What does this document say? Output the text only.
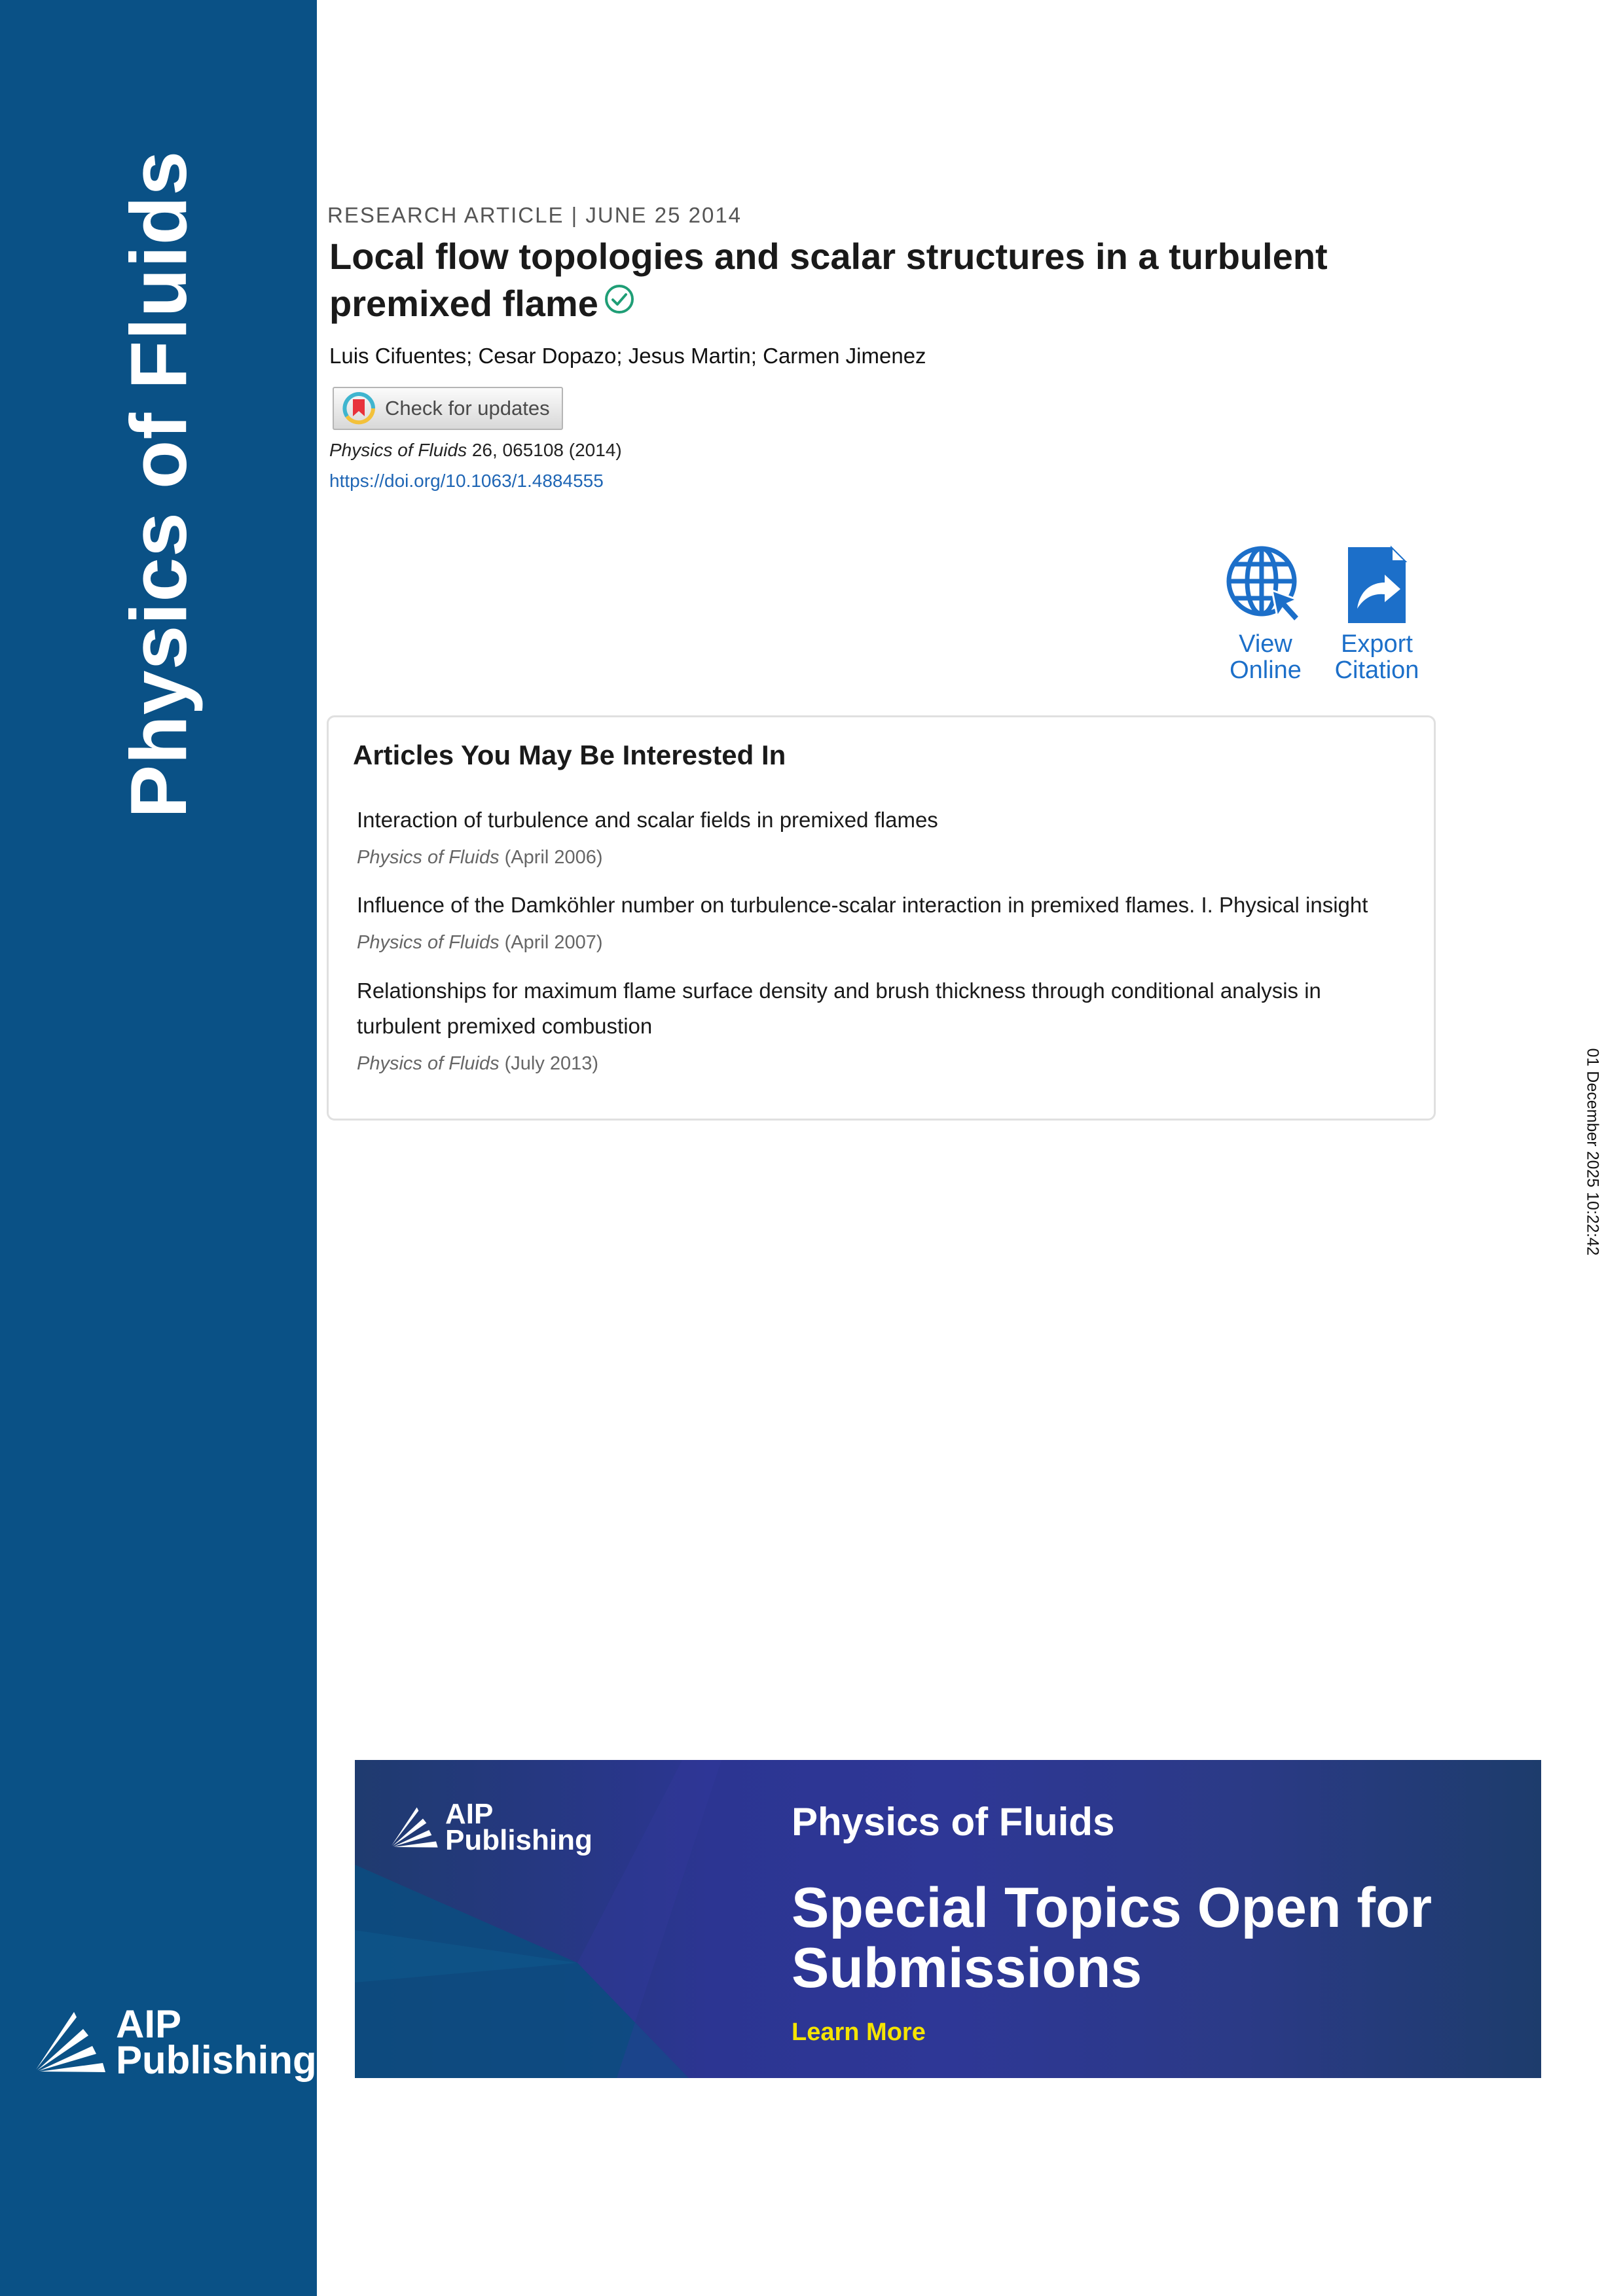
Physics of Fluids
AIP
Publishing
RESEARCH ARTICLE | JUNE 25 2014
Local flow topologies and scalar structures in a turbulent premixed flame
Luis Cifuentes; Cesar Dopazo; Jesus Martin; Carmen Jimenez
Check for updates
Physics of Fluids 26, 065108 (2014)
https://doi.org/10.1063/1.4884555
View
Online
Export
Citation
Articles You May Be Interested In
Interaction of turbulence and scalar fields in premixed flames
Physics of Fluids (April 2006)
Influence of the Damköhler number on turbulence-scalar interaction in premixed flames. I. Physical insight
Physics of Fluids (April 2007)
Relationships for maximum flame surface density and brush thickness through conditional analysis in turbulent premixed combustion
Physics of Fluids (July 2013)	01 December 2025 10:22:42
AIP
Publishing	Physics of Fluids
Special Topics Open for Submissions
Learn More
